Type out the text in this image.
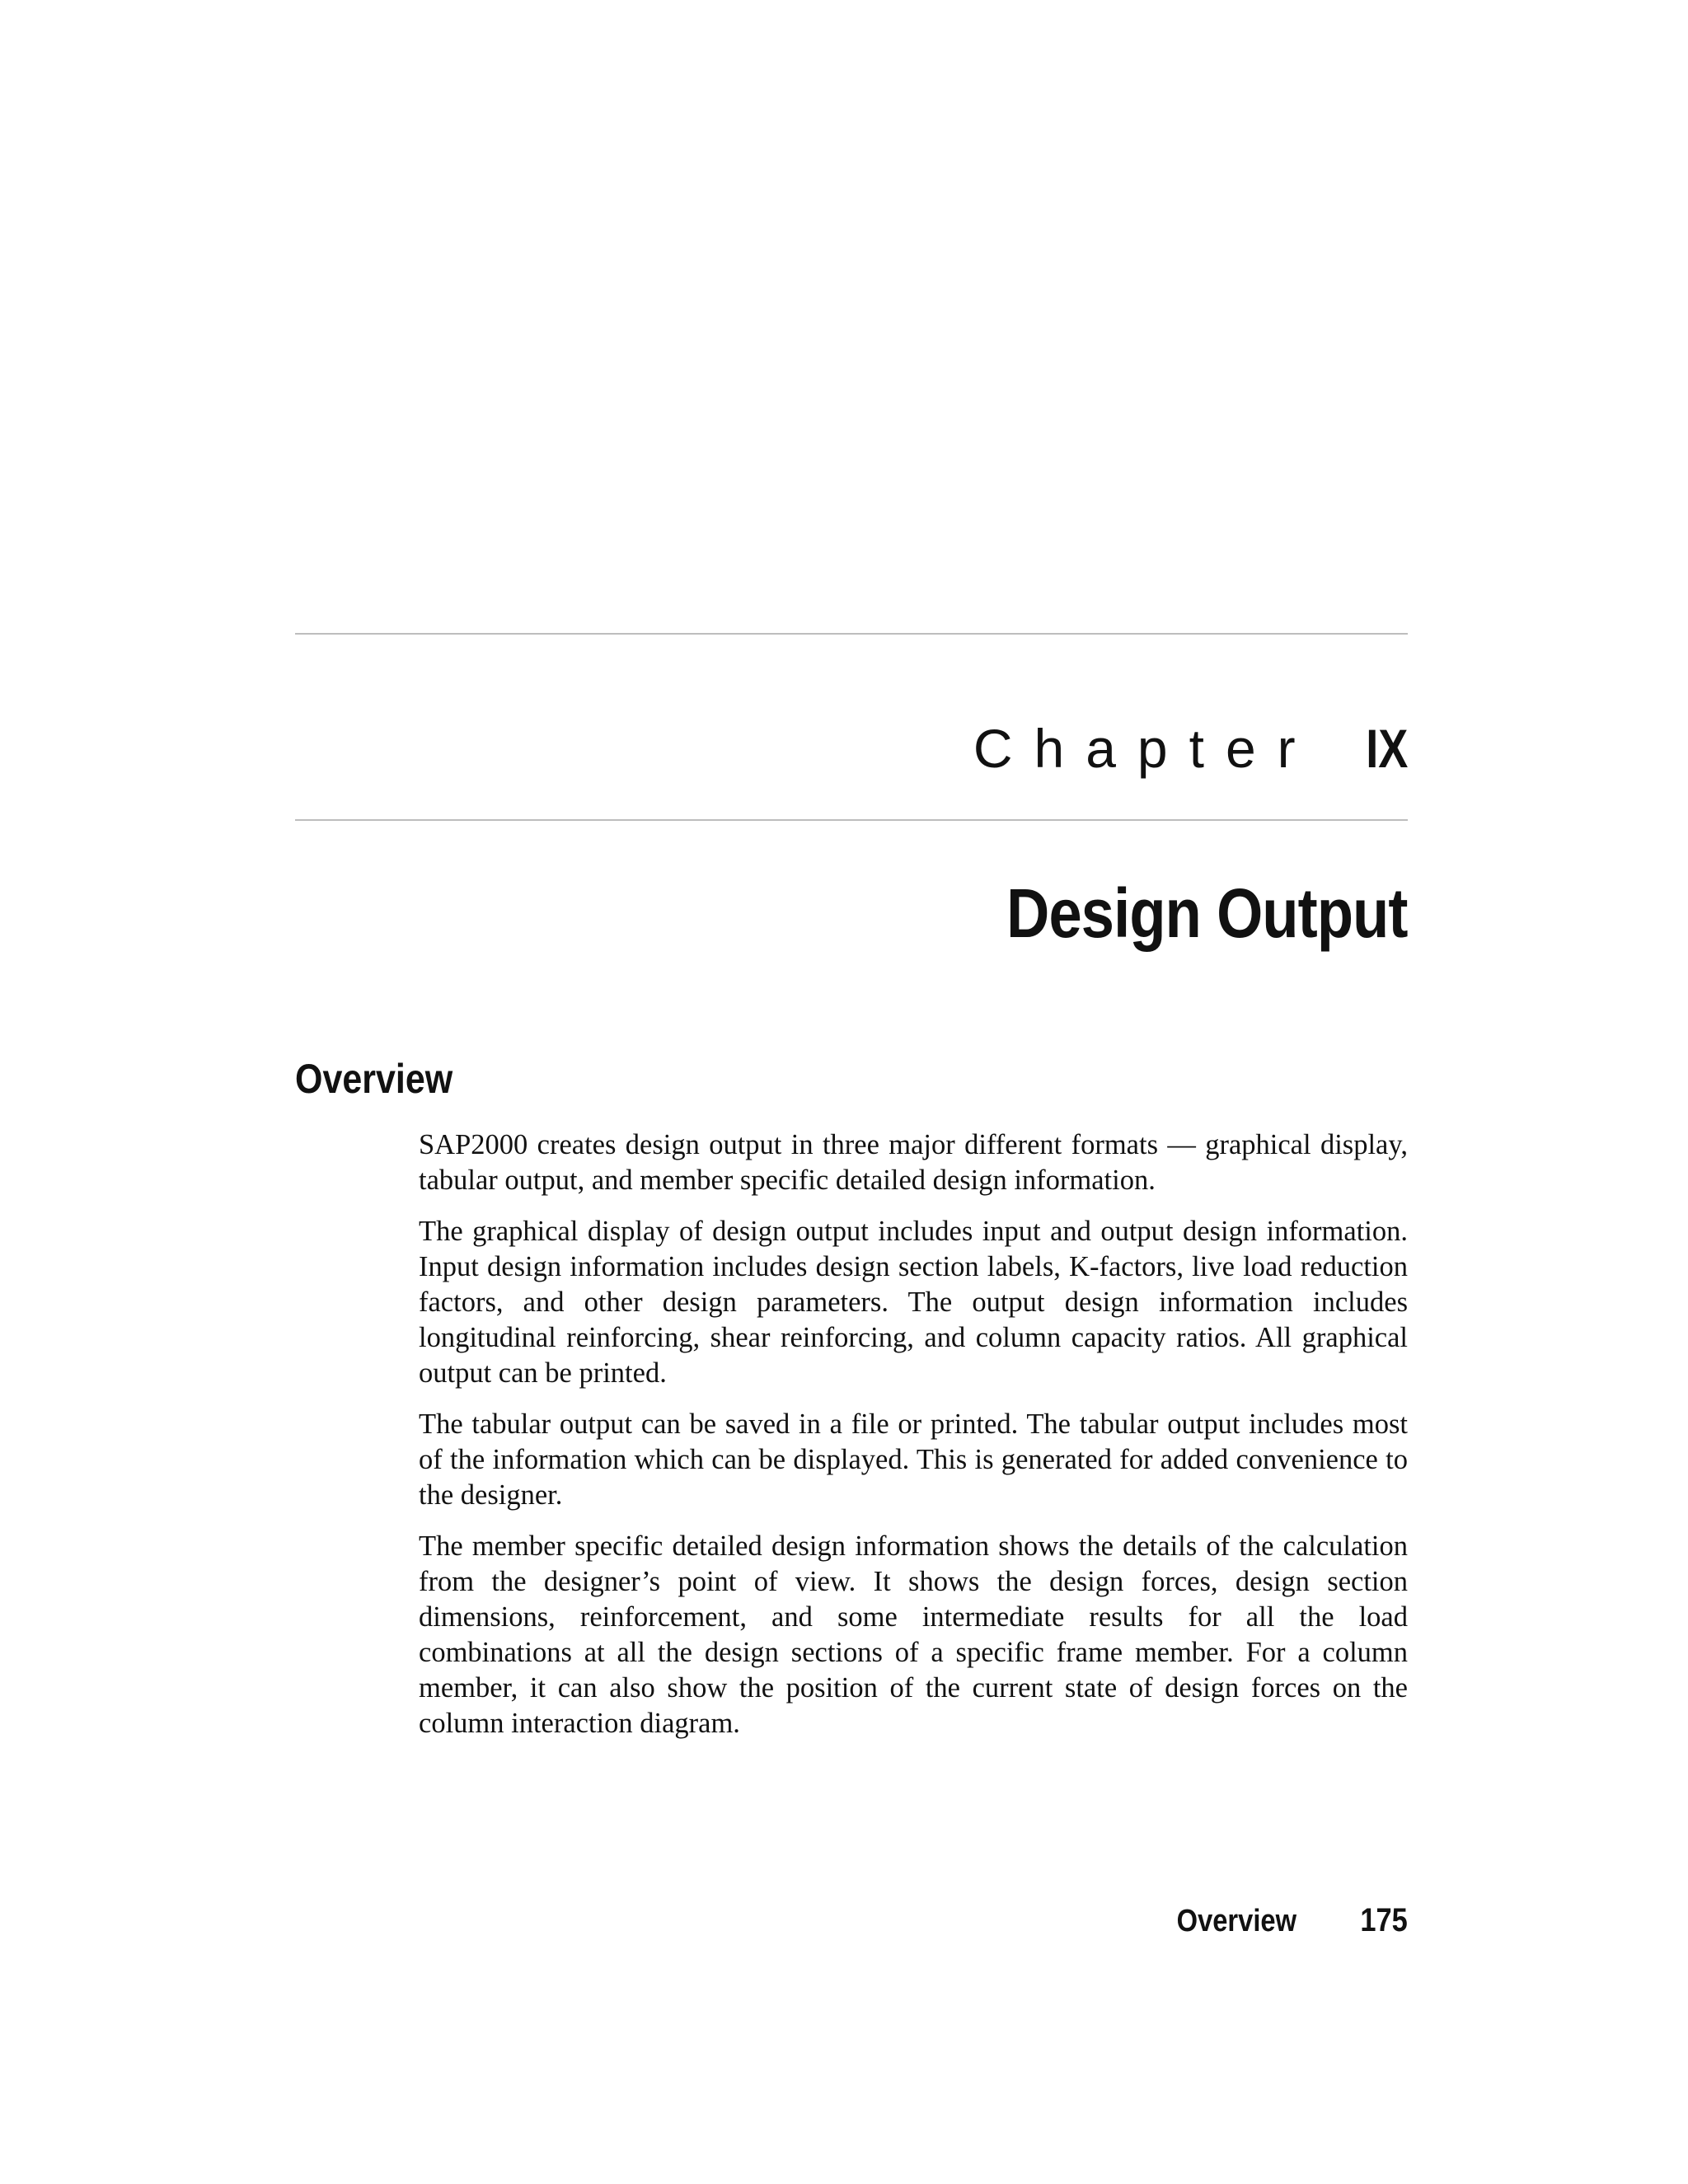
Chapter IX
Design Output
Overview

SAP2000 creates design output in three major different formats — graphical display, tabular output, and member specific detailed design information.

The graphical display of design output includes input and output design information. Input design information includes design section labels, K-factors, live load reduction factors, and other design parameters. The output design information includes longitudinal reinforcing, shear reinforcing, and column capacity ratios. All graphical output can be printed.

The tabular output can be saved in a file or printed. The tabular output includes most of the information which can be displayed. This is generated for added convenience to the designer.

The member specific detailed design information shows the details of the calculation from the designer’s point of view. It shows the design forces, design section dimensions, reinforcement, and some intermediate results for all the load combinations at all the design sections of a specific frame member. For a column member, it can also show the position of the current state of design forces on the column interaction diagram.

Overview 175
